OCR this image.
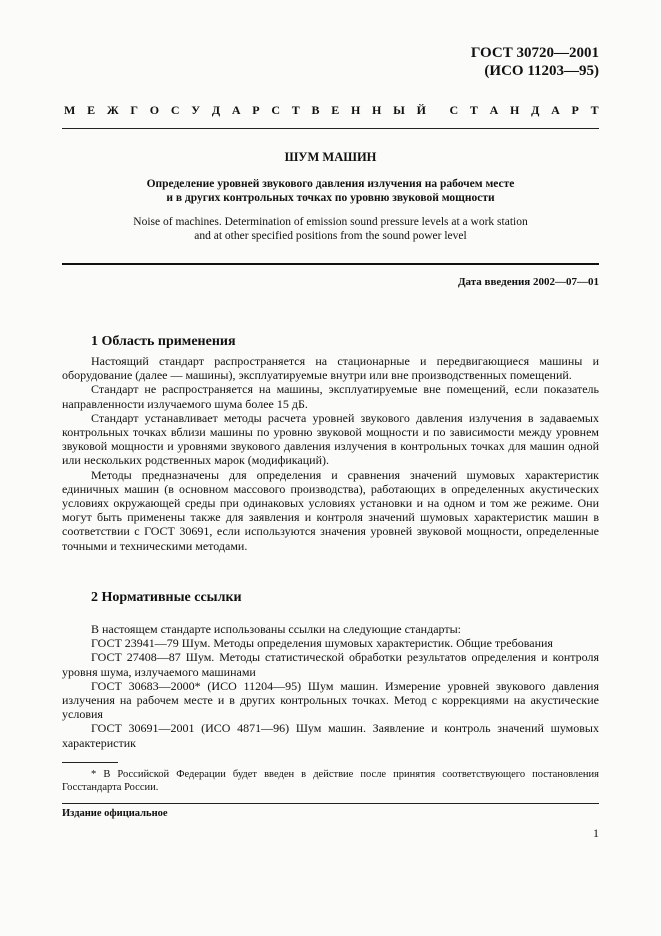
ГОСТ 30720—2001
(ИСО 11203—95)
М Е Ж Г О С У Д А Р С Т В Е Н Н Ы Й С Т А Н Д А Р Т
ШУМ МАШИН
Определение уровней звукового давления излучения на рабочем месте
и в других контрольных точках по уровню звуковой мощности
Noise of machines. Determination of emission sound pressure levels at a work station
and at other specified positions from the sound power level
Дата введения 2002—07—01
1 Область применения

Настоящий стандарт распространяется на стационарные и передвигающиеся машины и оборудование (далее — машины), эксплуатируемые внутри или вне производственных помещений.

Стандарт не распространяется на машины, эксплуатируемые вне помещений, если показатель направленности излучаемого шума более 15 дБ.

Стандарт устанавливает методы расчета уровней звукового давления излучения в задаваемых контрольных точках вблизи машины по уровню звуковой мощности и по зависимости между уровнем звуковой мощности и уровнями звукового давления излучения в контрольных точках для машин одной или нескольких родственных марок (модификаций).

Методы предназначены для определения и сравнения значений шумовых характеристик единичных машин (в основном массового производства), работающих в определенных акустических условиях окружающей среды при одинаковых условиях установки и на одном и том же режиме. Они могут быть применены также для заявления и контроля значений шумовых характеристик машин в соответствии с ГОСТ 30691, если используются значения уровней звуковой мощности, определенные точными и техническими методами.

2 Нормативные ссылки

В настоящем стандарте использованы ссылки на следующие стандарты:

ГОСТ 23941—79 Шум. Методы определения шумовых характеристик. Общие требования

ГОСТ 27408—87 Шум. Методы статистической обработки результатов определения и контроля уровня шума, излучаемого машинами

ГОСТ 30683—2000* (ИСО 11204—95) Шум машин. Измерение уровней звукового давления излучения на рабочем месте и в других контрольных точках. Метод с коррекциями на акустические условия

ГОСТ 30691—2001 (ИСО 4871—96) Шум машин. Заявление и контроль значений шумовых характеристик

* В Российской Федерации будет введен в действие после принятия соответствующего постановления Госстандарта России.

Издание официальное
1
